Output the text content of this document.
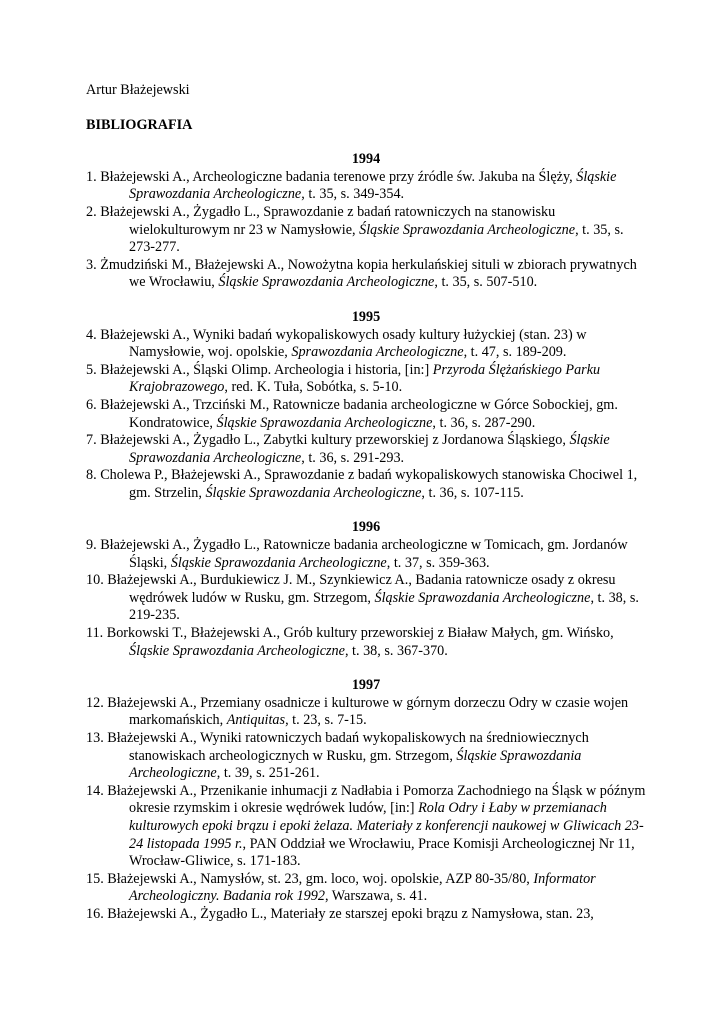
Artur Błażejewski
BIBLIOGRAFIA
1994
1. Błażejewski A., Archeologiczne badania terenowe przy źródle św. Jakuba na Ślęży, Śląskie Sprawozdania Archeologiczne, t. 35, s. 349-354.
2. Błażejewski A., Żygadło L., Sprawozdanie z badań ratowniczych na stanowisku wielokulturowym nr 23 w Namysłowie, Śląskie Sprawozdania Archeologiczne, t. 35, s. 273-277.
3. Żmudziński M., Błażejewski A., Nowożytna kopia herkulańskiej situli w zbiorach prywatnych we Wrocławiu, Śląskie Sprawozdania Archeologiczne, t. 35, s. 507-510.
1995
4. Błażejewski A., Wyniki badań wykopaliskowych osady kultury łużyckiej (stan. 23) w Namysłowie, woj. opolskie, Sprawozdania Archeologiczne, t. 47, s. 189-209.
5. Błażejewski A., Śląski Olimp. Archeologia i historia, [in:] Przyroda Ślężańskiego Parku Krajobrazowego, red. K. Tuła, Sobótka, s. 5-10.
6. Błażejewski A., Trzciński M., Ratownicze badania archeologiczne w Górce Sobockiej, gm. Kondratowice, Śląskie Sprawozdania Archeologiczne, t. 36, s. 287-290.
7. Błażejewski A., Żygadło L., Zabytki kultury przeworskiej z Jordanowa Śląskiego, Śląskie Sprawozdania Archeologiczne, t. 36, s. 291-293.
8. Cholewa P., Błażejewski A., Sprawozdanie z badań wykopaliskowych stanowiska Chociwel 1, gm. Strzelin, Śląskie Sprawozdania Archeologiczne, t. 36, s. 107-115.
1996
9. Błażejewski A., Żygadło L., Ratownicze badania archeologiczne w Tomicach, gm. Jordanów Śląski, Śląskie Sprawozdania Archeologiczne, t. 37, s. 359-363.
10. Błażejewski A., Burdukiewicz J. M., Szynkiewicz A., Badania ratownicze osady z okresu wędrówek ludów w Rusku, gm. Strzegom, Śląskie Sprawozdania Archeologiczne, t. 38, s. 219-235.
11. Borkowski T., Błażejewski A., Grób kultury przeworskiej z Biaław Małych, gm. Wińsko, Śląskie Sprawozdania Archeologiczne, t. 38, s. 367-370.
1997
12. Błażejewski A., Przemiany osadnicze i kulturowe w górnym dorzeczu Odry w czasie wojen markomańskich, Antiquitas, t. 23, s. 7-15.
13. Błażejewski A., Wyniki ratowniczych badań wykopaliskowych na średniowiecznych stanowiskach archeologicznych w Rusku, gm. Strzegom, Śląskie Sprawozdania Archeologiczne, t. 39, s. 251-261.
14. Błażejewski A., Przenikanie inhumacji z Nadłabia i Pomorza Zachodniego na Śląsk w późnym okresie rzymskim i okresie wędrówek ludów, [in:] Rola Odry i Łaby w przemianach kulturowych epoki brązu i epoki żelaza. Materiały z konferencji naukowej w Gliwicach 23-24 listopada 1995 r., PAN Oddział we Wrocławiu, Prace Komisji Archeologicznej Nr 11, Wrocław-Gliwice, s. 171-183.
15. Błażejewski A., Namysłów, st. 23, gm. loco, woj. opolskie, AZP 80-35/80, Informator Archeologiczny. Badania rok 1992, Warszawa, s. 41.
16. Błażejewski A., Żygadło L., Materiały ze starszej epoki brązu z Namysłowa, stan. 23,
